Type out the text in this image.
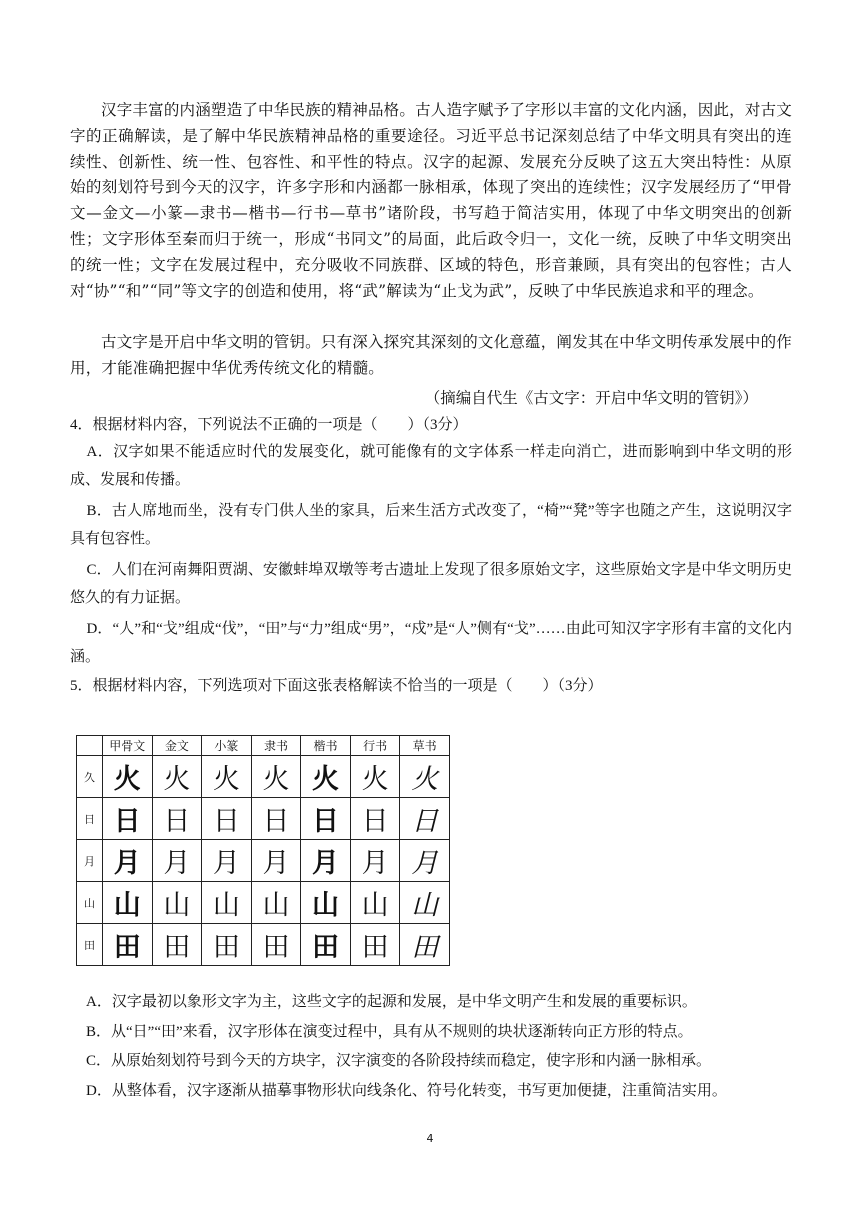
汉字丰富的内涵塑造了中华民族的精神品格。古人造字赋予了字形以丰富的文化内涵，因此，对古文字的正确解读，是了解中华民族精神品格的重要途径。习近平总书记深刻总结了中华文明具有突出的连续性、创新性、统一性、包容性、和平性的特点。汉字的起源、发展充分反映了这五大突出特性：从原始的刻划符号到今天的汉字，许多字形和内涵都一脉相承，体现了突出的连续性；汉字发展经历了“甲骨文—金文—小篆—隶书—楷书—行书—草书”诸阶段，书写趋于简洁实用，体现了中华文明突出的创新性；文字形体至秦而归于统一，形成“书同文”的局面，此后政令归一，文化一统，反映了中华文明突出的统一性；文字在发展过程中，充分吸收不同族群、区域的特色，形音兼顾，具有突出的包容性；古人对“协”“和”“同”等文字的创造和使用，将“武”解读为“止戈为武”，反映了中华民族追求和平的理念。
古文字是开启中华文明的管钥。只有深入探究其深刻的文化意蕴，阐发其在中华文明传承发展中的作用，才能准确把握中华优秀传统文化的精髓。
（摘编自代生《古文字：开启中华文明的管钥》）
4．根据材料内容，下列说法不正确的一项是（　　）（3分）
A．汉字如果不能适应时代的发展变化，就可能像有的文字体系一样走向消亡，进而影响到中华文明的形成、发展和传播。
B．古人席地而坐，没有专门供人坐的家具，后来生活方式改变了，“椅”“凳”等字也随之产生，这说明汉字具有包容性。
C．人们在河南舞阳贾湖、安徽蚌埠双墩等考古遗址上发现了很多原始文字，这些原始文字是中华文明历史悠久的有力证据。
D．“人”和“戈”组成“伐”，“田”与“力”组成“男”，“戍”是“人”侧有“戈”……由此可知汉字字形有丰富的文化内涵。
5．根据材料内容，下列选项对下面这张表格解读不恰当的一项是（　　）（3分）
	甲骨文	金文	小篆	隶书	楷书	行书	草书
久	火	火	火	火	火	火	火
日	日	日	日	日	日	日	日
月	月	月	月	月	月	月	月
山	山	山	山	山	山	山	山
田	田	田	田	田	田	田	田
A．汉字最初以象形文字为主，这些文字的起源和发展，是中华文明产生和发展的重要标识。
B．从“日”“田”来看，汉字形体在演变过程中，具有从不规则的块状逐渐转向正方形的特点。
C．从原始刻划符号到今天的方块字，汉字演变的各阶段持续而稳定，使字形和内涵一脉相承。
D．从整体看，汉字逐渐从描摹事物形状向线条化、符号化转变，书写更加便捷，注重简洁实用。
4
